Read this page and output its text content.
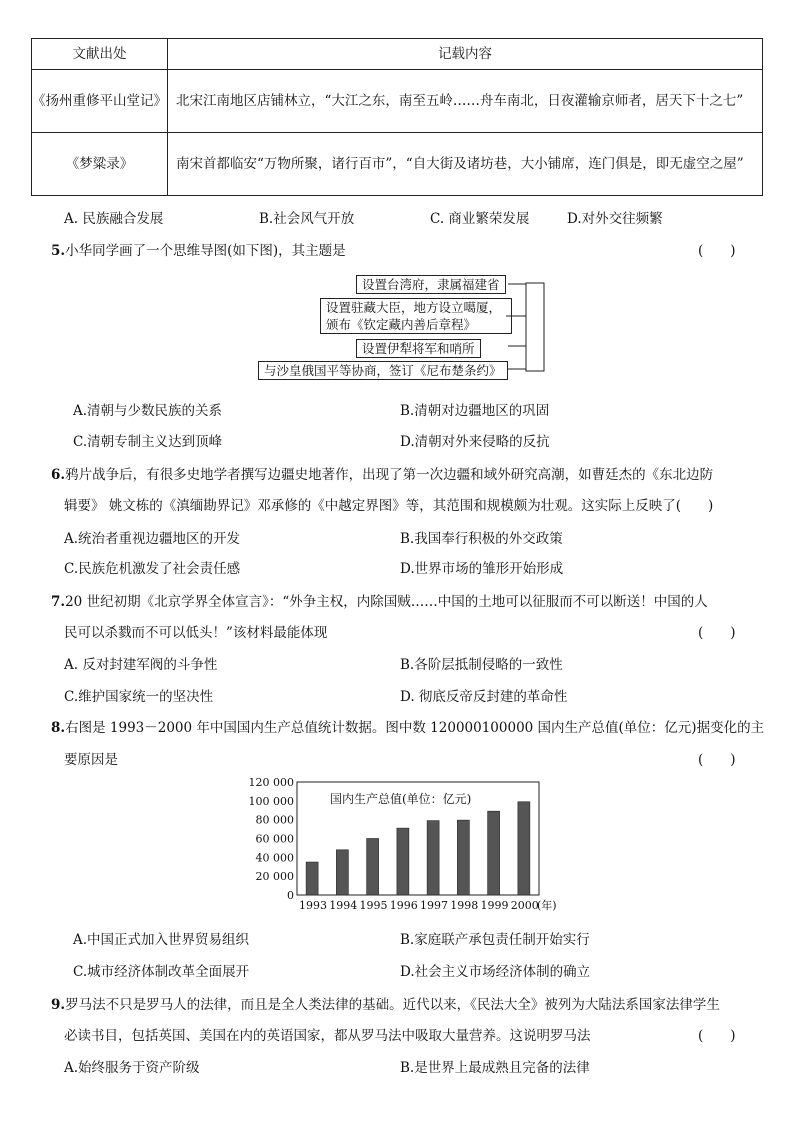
文献出处	记载内容
《扬州重修平山堂记》	北宋江南地区店铺林立，“大江之东，南至五岭……舟车南北，日夜灌输京师者，居天下十之七”
《梦粱录》	南宋首都临安“万物所聚，诸行百市”，“自大街及诸坊巷，大小铺席，连门俱是，即无虚空之屋”
A. 民族融合发展	B.社会风气开放	C. 商业繁荣发展	D.对外交往频繁
5.小华同学画了一个思维导图(如下图)，其主题是	(　　)
设置台湾府，隶属福建省
设置驻藏大臣，地方设立噶厦，
颁布《钦定藏内善后章程》
设置伊犁将军和哨所
与沙皇俄国平等协商，签订《尼布楚条约》
A.清朝与少数民族的关系	B.清朝对边疆地区的巩固
C.清朝专制主义达到顶峰	D.清朝对外来侵略的反抗
6.鸦片战争后，有很多史地学者撰写边疆史地著作，出现了第一次边疆和域外研究高潮，如曹廷杰的《东北边防
辑要》 姚文栋的《滇缅勘界记》邓承修的《中越定界图》等，其范围和规模颇为壮观。这实际上反映了(　　)
A.统治者重视边疆地区的开发	B.我国奉行积极的外交政策
C.民族危机激发了社会责任感	D.世界市场的雏形开始形成
7.20 世纪初期《北京学界全体宣言》：“外争主权，内除国贼……中国的土地可以征服而不可以断送！中国的人
民可以杀戮而不可以低头！”该材料最能体现	(　　)
A. 反对封建军阀的斗争性	B.各阶层抵制侵略的一致性
C.维护国家统一的坚决性	D. 彻底反帝反封建的革命性
8.右图是 1993－2000 年中国国内生产总值统计数据。图中数 120000100000 国内生产总值(单位：亿元)据变化的主
要原因是	(　　)
120 000
100 000
80 000
60 000
40 000
20 000
0
国内生产总值(单位：亿元)
1993 1994 1995 1996 1997 1998 1999 2000
(年)
A.中国正式加入世界贸易组织	B.家庭联产承包责任制开始实行
C.城市经济体制改革全面展开	D.社会主义市场经济体制的确立
9.罗马法不只是罗马人的法律，而且是全人类法律的基础。近代以来，《民法大全》被列为大陆法系国家法律学生
必读书目，包括英国、美国在内的英语国家，都从罗马法中吸取大量营养。这说明罗马法	(　　)
A.始终服务于资产阶级	B.是世界上最成熟且完备的法律
